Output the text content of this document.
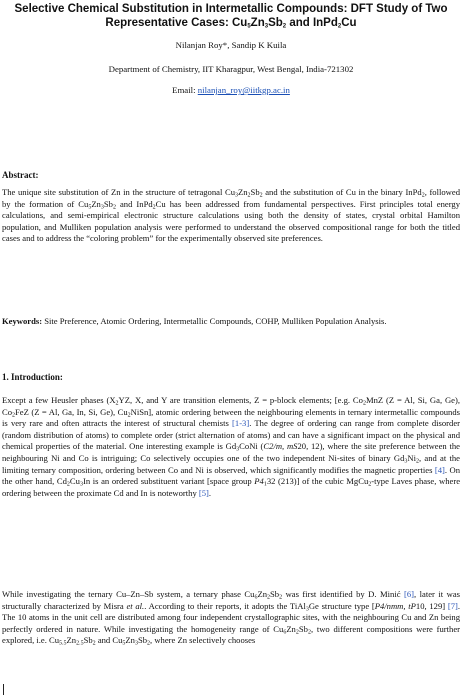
Selective Chemical Substitution in Intermetallic Compounds: DFT Study of Two
Representative Cases: $Cu_5Zn_3Sb_2$ and InPd$_2$Cu
Nilanjan Roy*, Sandip K Kuila
Department of Chemistry, IIT Kharagpur, West Bengal, India-721302
Email: nilanjan_roy@iitkgp.ac.in
Abstract:

The unique site substitution of Zn in the structure of tetragonal $Cu_3Zn_2Sb_2$ and the substitution of Cu in the binary InPd$_2$, followed by the formation of $Cu_5Zn_3Sb_2$ and InPd$_2$Cu has been addressed from fundamental perspectives. First principles total energy calculations, and semi-empirical electronic structure calculations using both the density of states, crystal orbital Hamilton population, and Mulliken population analysis were performed to understand the observed compositional range for both the titled cases and to address the “coloring problem” for the experimentally observed site preferences.

Keywords: Site Preference, Atomic Ordering, Intermetallic Compounds, COHP, Mulliken Population Analysis.

1. Introduction:

Except a few Heusler phases ($X_2YZ$, X, and Y are transition elements, Z = p-block elements; [e.g. $Co_2MnZ$ (Z = Al, Si, Ga, Ge), $Co_2FeZ$ (Z = Al, Ga, In, Si, Ge), $Cu_2NiSn$], atomic ordering between the neighbouring elements in ternary intermetallic compounds is very rare and often attracts the interest of structural chemists [1-3]. The degree of ordering can range from complete disorder (random distribution of atoms) to complete order (strict alternation of atoms) and can have a significant impact on the physical and chemical properties of the material. One interesting example is $Gd_3CoNi$ (C2/m, mS20, 12), where the site preference between the neighbouring Ni and Co is intriguing; Co selectively occupies one of the two independent Ni-sites of binary $Gd_3Ni_2$, and at the limiting ternary composition, ordering between Co and Ni is observed, which significantly modifies the magnetic properties [4]. On the other hand, $Cd_2Cu_3In$ is an ordered substituent variant [space group $P4_132$ (213)] of the cubic MgCu$_2$-type Laves phase, where ordering between the proximate Cd and In is noteworthy [5].

While investigating the ternary Cu–Zn–Sb system, a ternary phase $Cu_6Zn_2Sb_2$ was first identified by D. Minić [6], later it was structurally characterized by Misra et al.. According to their reports, it adopts the TiAl$_3$Ge structure type [P4/nmm, tP10, 129] [7]. The 10 atoms in the unit cell are distributed among four independent crystallographic sites, with the neighbouring Cu and Zn being perfectly ordered in nature. While investigating the homogeneity range of $Cu_6Zn_2Sb_2$, two different compositions were further explored, i.e. $Cu_{5.5}Zn_{2.5}Sb_2$ and $Cu_5Zn_3Sb_2$, where Zn selectively chooses
